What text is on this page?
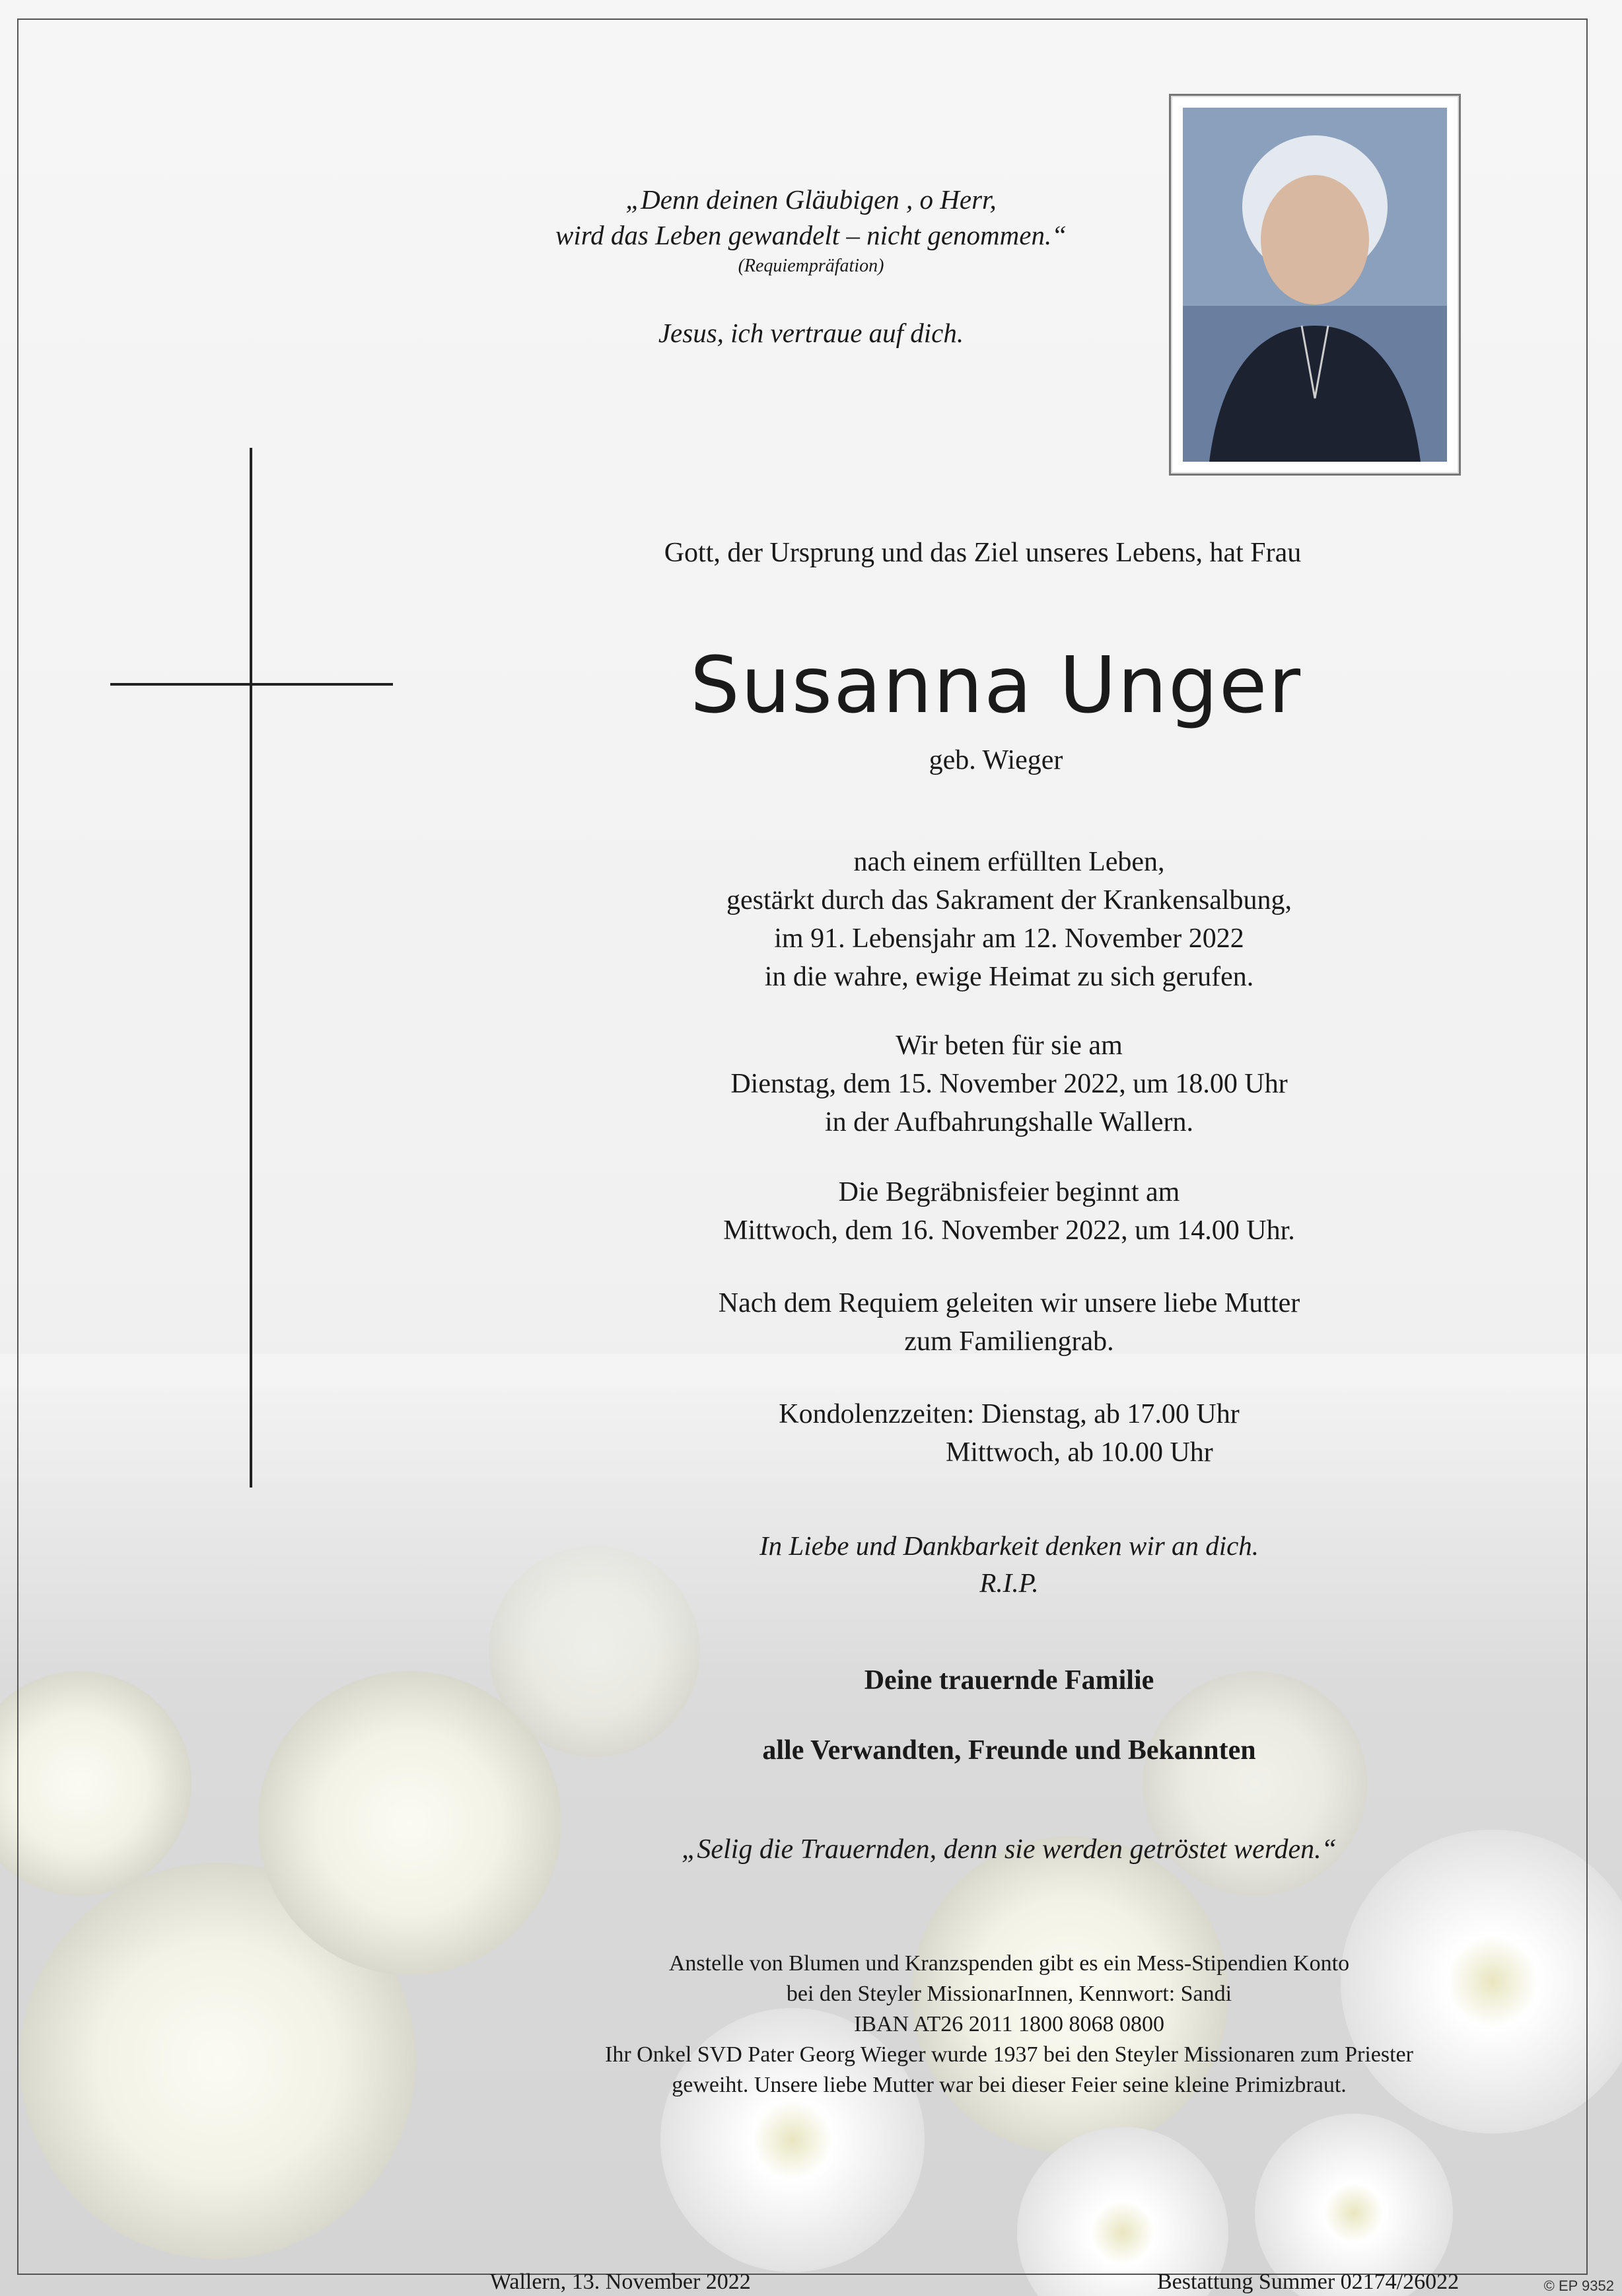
„Denn deinen Gläubigen , o Herr,
wird das Leben gewandelt – nicht genommen.“
(Requiempräfation)
Jesus, ich vertraue auf dich.
Gott, der Ursprung und das Ziel unseres Lebens, hat Frau
Susanna Unger
geb. Wieger
nach einem erfüllten Leben,
gestärkt durch das Sakrament der Krankensalbung,
im 91. Lebensjahr am 12. November 2022
in die wahre, ewige Heimat zu sich gerufen.
Wir beten für sie am
Dienstag, dem 15. November 2022, um 18.00 Uhr
in der Aufbahrungshalle Wallern.
Die Begräbnisfeier beginnt am
Mittwoch, dem 16. November 2022, um 14.00 Uhr.
Nach dem Requiem geleiten wir unsere liebe Mutter
zum Familiengrab.
Kondolenzzeiten: Dienstag, ab 17.00 Uhr
Mittwoch, ab 10.00 Uhr
In Liebe und Dankbarkeit denken wir an dich.
R.I.P.
Deine trauernde Familie
alle Verwandten, Freunde und Bekannten
„Selig die Trauernden, denn sie werden getröstet werden.“
Anstelle von Blumen und Kranzspenden gibt es ein Mess-Stipendien Konto
bei den Steyler MissionarInnen, Kennwort: Sandi
IBAN AT26 2011 1800 8068 0800
Ihr Onkel SVD Pater Georg Wieger wurde 1937 bei den Steyler Missionaren zum Priester
geweiht. Unsere liebe Mutter war bei dieser Feier seine kleine Primizbraut.
Wallern, 13. November 2022	Bestattung Summer 02174/26022	© EP 9352
